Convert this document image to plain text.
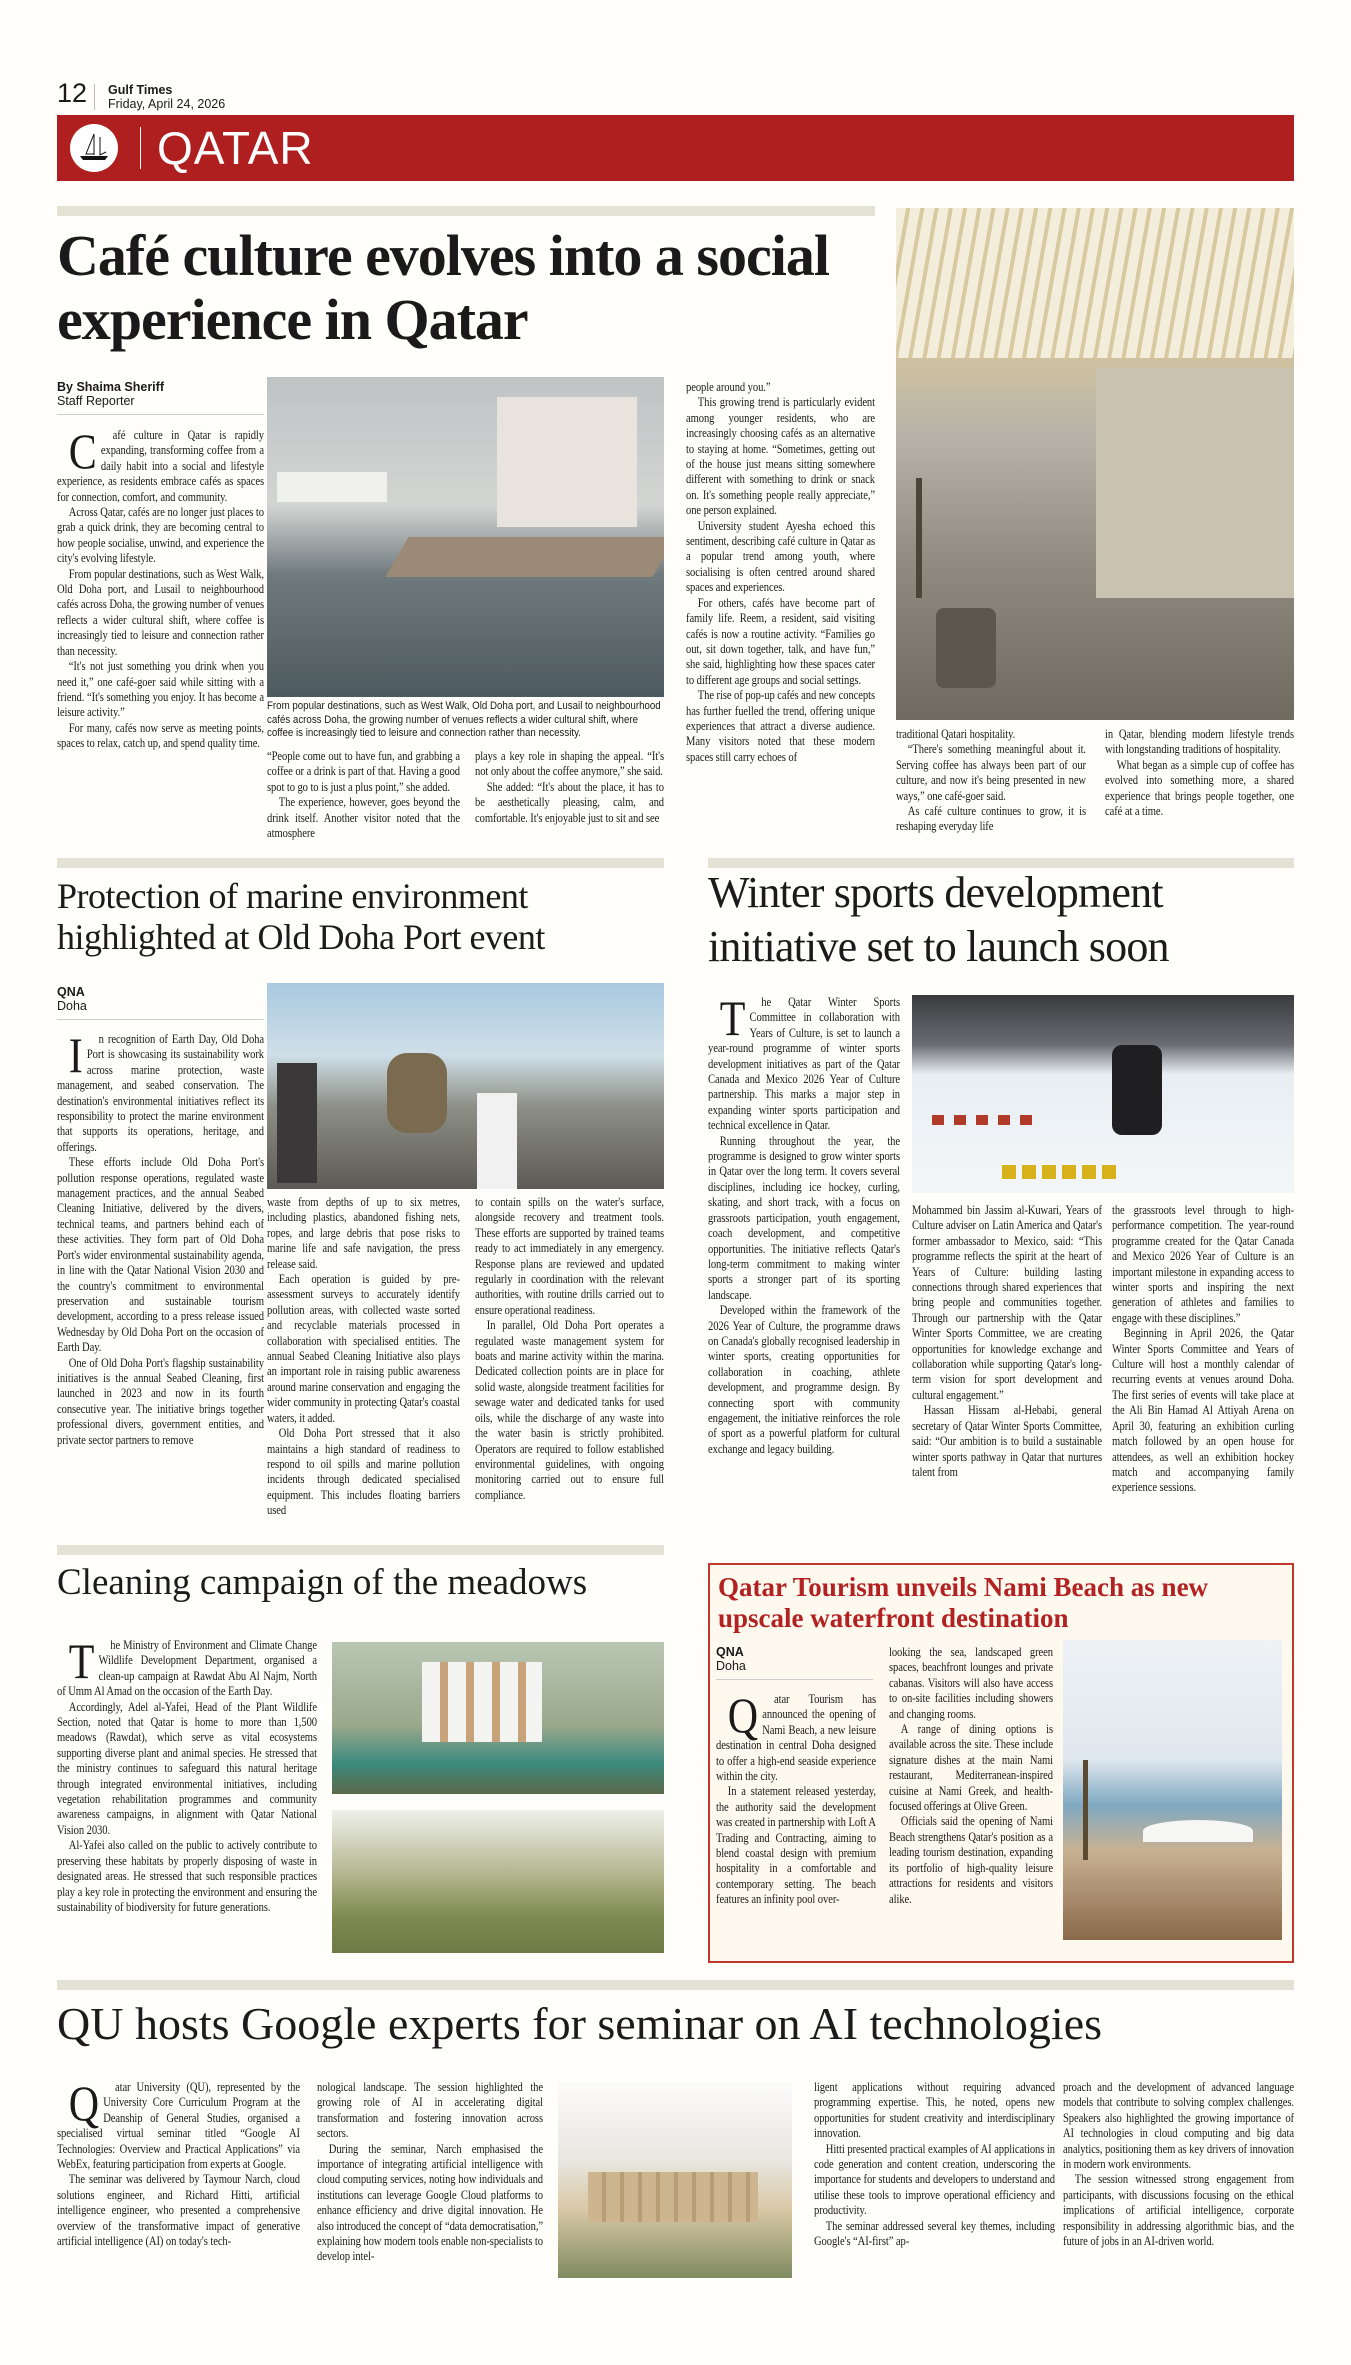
12 Gulf Times
Friday, April 24, 2026
QATAR
Café culture evolves into a social experience in Qatar
By Shaima Sheriff
Staff Reporter

Café culture in Qatar is rapidly expanding, transforming coffee from a daily habit into a social and lifestyle experience, as residents embrace cafés as spaces for connection, comfort, and community.

Across Qatar, cafés are no longer just places to grab a quick drink, they are becoming central to how people socialise, unwind, and experience the city's evolving lifestyle.

From popular destinations, such as West Walk, Old Doha port, and Lusail to neighbourhood cafés across Doha, the growing number of venues reflects a wider cultural shift, where coffee is increasingly tied to leisure and connection rather than necessity.

“It's not just something you drink when you need it,” one café-goer said while sitting with a friend. “It's something you enjoy. It has become a leisure activity.”

For many, cafés now serve as meeting points, spaces to relax, catch up, and spend quality time.

From popular destinations, such as West Walk, Old Doha port, and Lusail to neighbourhood cafés across Doha, the growing number of venues reflects a wider cultural shift, where coffee is increasingly tied to leisure and connection rather than necessity.

“People come out to have fun, and grabbing a coffee or a drink is part of that. Having a good spot to go to is just a plus point,” she added.

The experience, however, goes beyond the drink itself. Another visitor noted that the atmosphere

plays a key role in shaping the appeal. “It's not only about the coffee anymore,” she said.

She added: “It's about the place, it has to be aesthetically pleasing, calm, and comfortable. It's enjoyable just to sit and see

people around you.”

This growing trend is particularly evident among younger residents, who are increasingly choosing cafés as an alternative to staying at home. “Sometimes, getting out of the house just means sitting somewhere different with something to drink or snack on. It's something people really appreciate,” one person explained.

University student Ayesha echoed this sentiment, describing café culture in Qatar as a popular trend among youth, where socialising is often centred around shared spaces and experiences.

For others, cafés have become part of family life. Reem, a resident, said visiting cafés is now a routine activity. “Families go out, sit down together, talk, and have fun,” she said, highlighting how these spaces cater to different age groups and social settings.

The rise of pop-up cafés and new concepts has further fuelled the trend, offering unique experiences that attract a diverse audience. Many visitors noted that these modern spaces still carry echoes of

traditional Qatari hospitality.

“There's something meaningful about it. Serving coffee has always been part of our culture, and now it's being presented in new ways,” one café-goer said.

As café culture continues to grow, it is reshaping everyday life

in Qatar, blending modern lifestyle trends with longstanding traditions of hospitality.

What began as a simple cup of coffee has evolved into something more, a shared experience that brings people together, one café at a time.

Protection of marine environment highlighted at Old Doha Port event
QNA
Doha

In recognition of Earth Day, Old Doha Port is showcasing its sustainability work across marine protection, waste management, and seabed conservation. The destination's environmental initiatives reflect its responsibility to protect the marine environment that supports its operations, heritage, and offerings.

These efforts include Old Doha Port's pollution response operations, regulated waste management practices, and the annual Seabed Cleaning Initiative, delivered by the divers, technical teams, and partners behind each of these activities. They form part of Old Doha Port's wider environmental sustainability agenda, in line with the Qatar National Vision 2030 and the country's commitment to environmental preservation and sustainable tourism development, according to a press release issued Wednesday by Old Doha Port on the occasion of Earth Day.

One of Old Doha Port's flagship sustainability initiatives is the annual Seabed Cleaning, first launched in 2023 and now in its fourth consecutive year. The initiative brings together professional divers, government entities, and private sector partners to remove

waste from depths of up to six metres, including plastics, abandoned fishing nets, ropes, and large debris that pose risks to marine life and safe navigation, the press release said.

Each operation is guided by pre-assessment surveys to accurately identify pollution areas, with collected waste sorted and recyclable materials processed in collaboration with specialised entities. The annual Seabed Cleaning Initiative also plays an important role in raising public awareness around marine conservation and engaging the wider community in protecting Qatar's coastal waters, it added.

Old Doha Port stressed that it also maintains a high standard of readiness to respond to oil spills and marine pollution incidents through dedicated specialised equipment. This includes floating barriers used

to contain spills on the water's surface, alongside recovery and treatment tools. These efforts are supported by trained teams ready to act immediately in any emergency. Response plans are reviewed and updated regularly in coordination with the relevant authorities, with routine drills carried out to ensure operational readiness.

In parallel, Old Doha Port operates a regulated waste management system for boats and marine activity within the marina. Dedicated collection points are in place for solid waste, alongside treatment facilities for sewage water and dedicated tanks for used oils, while the discharge of any waste into the water basin is strictly prohibited. Operators are required to follow established environmental guidelines, with ongoing monitoring carried out to ensure full compliance.

Winter sports development initiative set to launch soon

The Qatar Winter Sports Committee in collaboration with Years of Culture, is set to launch a year-round programme of winter sports development initiatives as part of the Qatar Canada and Mexico 2026 Year of Culture partnership. This marks a major step in expanding winter sports participation and technical excellence in Qatar.

Running throughout the year, the programme is designed to grow winter sports in Qatar over the long term. It covers several disciplines, including ice hockey, curling, skating, and short track, with a focus on grassroots participation, youth engagement, coach development, and competitive opportunities. The initiative reflects Qatar's long-term commitment to making winter sports a stronger part of its sporting landscape.

Developed within the framework of the 2026 Year of Culture, the programme draws on Canada's globally recognised leadership in winter sports, creating opportunities for collaboration in coaching, athlete development, and programme design. By connecting sport with community engagement, the initiative reinforces the role of sport as a powerful platform for cultural exchange and legacy building.

Mohammed bin Jassim al-Kuwari, Years of Culture adviser on Latin America and Qatar's former ambassador to Mexico, said: “This programme reflects the spirit at the heart of Years of Culture: building lasting connections through shared experiences that bring people and communities together. Through our partnership with the Qatar Winter Sports Committee, we are creating opportunities for knowledge exchange and collaboration while supporting Qatar's long-term vision for sport development and cultural engagement.”

Hassan Hissam al-Hebabi, general secretary of Qatar Winter Sports Committee, said: “Our ambition is to build a sustainable winter sports pathway in Qatar that nurtures talent from

the grassroots level through to high-performance competition. The year-round programme created for the Qatar Canada and Mexico 2026 Year of Culture is an important milestone in expanding access to winter sports and inspiring the next generation of athletes and families to engage with these disciplines.”

Beginning in April 2026, the Qatar Winter Sports Committee and Years of Culture will host a monthly calendar of recurring events at venues around Doha. The first series of events will take place at the Ali Bin Hamad Al Attiyah Arena on April 30, featuring an exhibition curling match followed by an open house for attendees, as well an exhibition hockey match and accompanying family experience sessions.

Cleaning campaign of the meadows

The Ministry of Environment and Climate Change Wildlife Development Department, organised a clean-up campaign at Rawdat Abu Al Najm, North of Umm Al Amad on the occasion of the Earth Day.

Accordingly, Adel al-Yafei, Head of the Plant Wildlife Section, noted that Qatar is home to more than 1,500 meadows (Rawdat), which serve as vital ecosystems supporting diverse plant and animal species. He stressed that the ministry continues to safeguard this natural heritage through integrated environmental initiatives, including vegetation rehabilitation programmes and community awareness campaigns, in alignment with Qatar National Vision 2030.

Al-Yafei also called on the public to actively contribute to preserving these habitats by properly disposing of waste in designated areas. He stressed that such responsible practices play a key role in protecting the environment and ensuring the sustainability of biodiversity for future generations.

Qatar Tourism unveils Nami Beach as new upscale waterfront destination
QNA
Doha

Qatar Tourism has announced the opening of Nami Beach, a new leisure destination in central Doha designed to offer a high-end seaside experience within the city.

In a statement released yesterday, the authority said the development was created in partnership with Loft A Trading and Contracting, aiming to blend coastal design with premium hospitality in a comfortable and contemporary setting. The beach features an infinity pool over-

looking the sea, landscaped green spaces, beachfront lounges and private cabanas. Visitors will also have access to on-site facilities including showers and changing rooms.

A range of dining options is available across the site. These include signature dishes at the main Nami restaurant, Mediterranean-inspired cuisine at Nami Greek, and health-focused offerings at Olive Green.

Officials said the opening of Nami Beach strengthens Qatar's position as a leading tourism destination, expanding its portfolio of high-quality leisure attractions for residents and visitors alike.

QU hosts Google experts for seminar on AI technologies

Qatar University (QU), represented by the University Core Curriculum Program at the Deanship of General Studies, organised a specialised virtual seminar titled “Google AI Technologies: Overview and Practical Applications” via WebEx, featuring participation from experts at Google.

The seminar was delivered by Taymour Narch, cloud solutions engineer, and Richard Hitti, artificial intelligence engineer, who presented a comprehensive overview of the transformative impact of generative artificial intelligence (AI) on today's tech-

nological landscape. The session highlighted the growing role of AI in accelerating digital transformation and fostering innovation across sectors.

During the seminar, Narch emphasised the importance of integrating artificial intelligence with cloud computing services, noting how individuals and institutions can leverage Google Cloud platforms to enhance efficiency and drive digital innovation. He also introduced the concept of “data democratisation,” explaining how modern tools enable non-specialists to develop intel-

ligent applications without requiring advanced programming expertise. This, he noted, opens new opportunities for student creativity and interdisciplinary innovation.

Hitti presented practical examples of AI applications in code generation and content creation, underscoring the importance for students and developers to understand and utilise these tools to improve operational efficiency and productivity.

The seminar addressed several key themes, including Google's “AI-first” ap-

proach and the development of advanced language models that contribute to solving complex challenges. Speakers also highlighted the growing importance of AI technologies in cloud computing and big data analytics, positioning them as key drivers of innovation in modern work environments.

The session witnessed strong engagement from participants, with discussions focusing on the ethical implications of artificial intelligence, corporate responsibility in addressing algorithmic bias, and the future of jobs in an AI-driven world.
